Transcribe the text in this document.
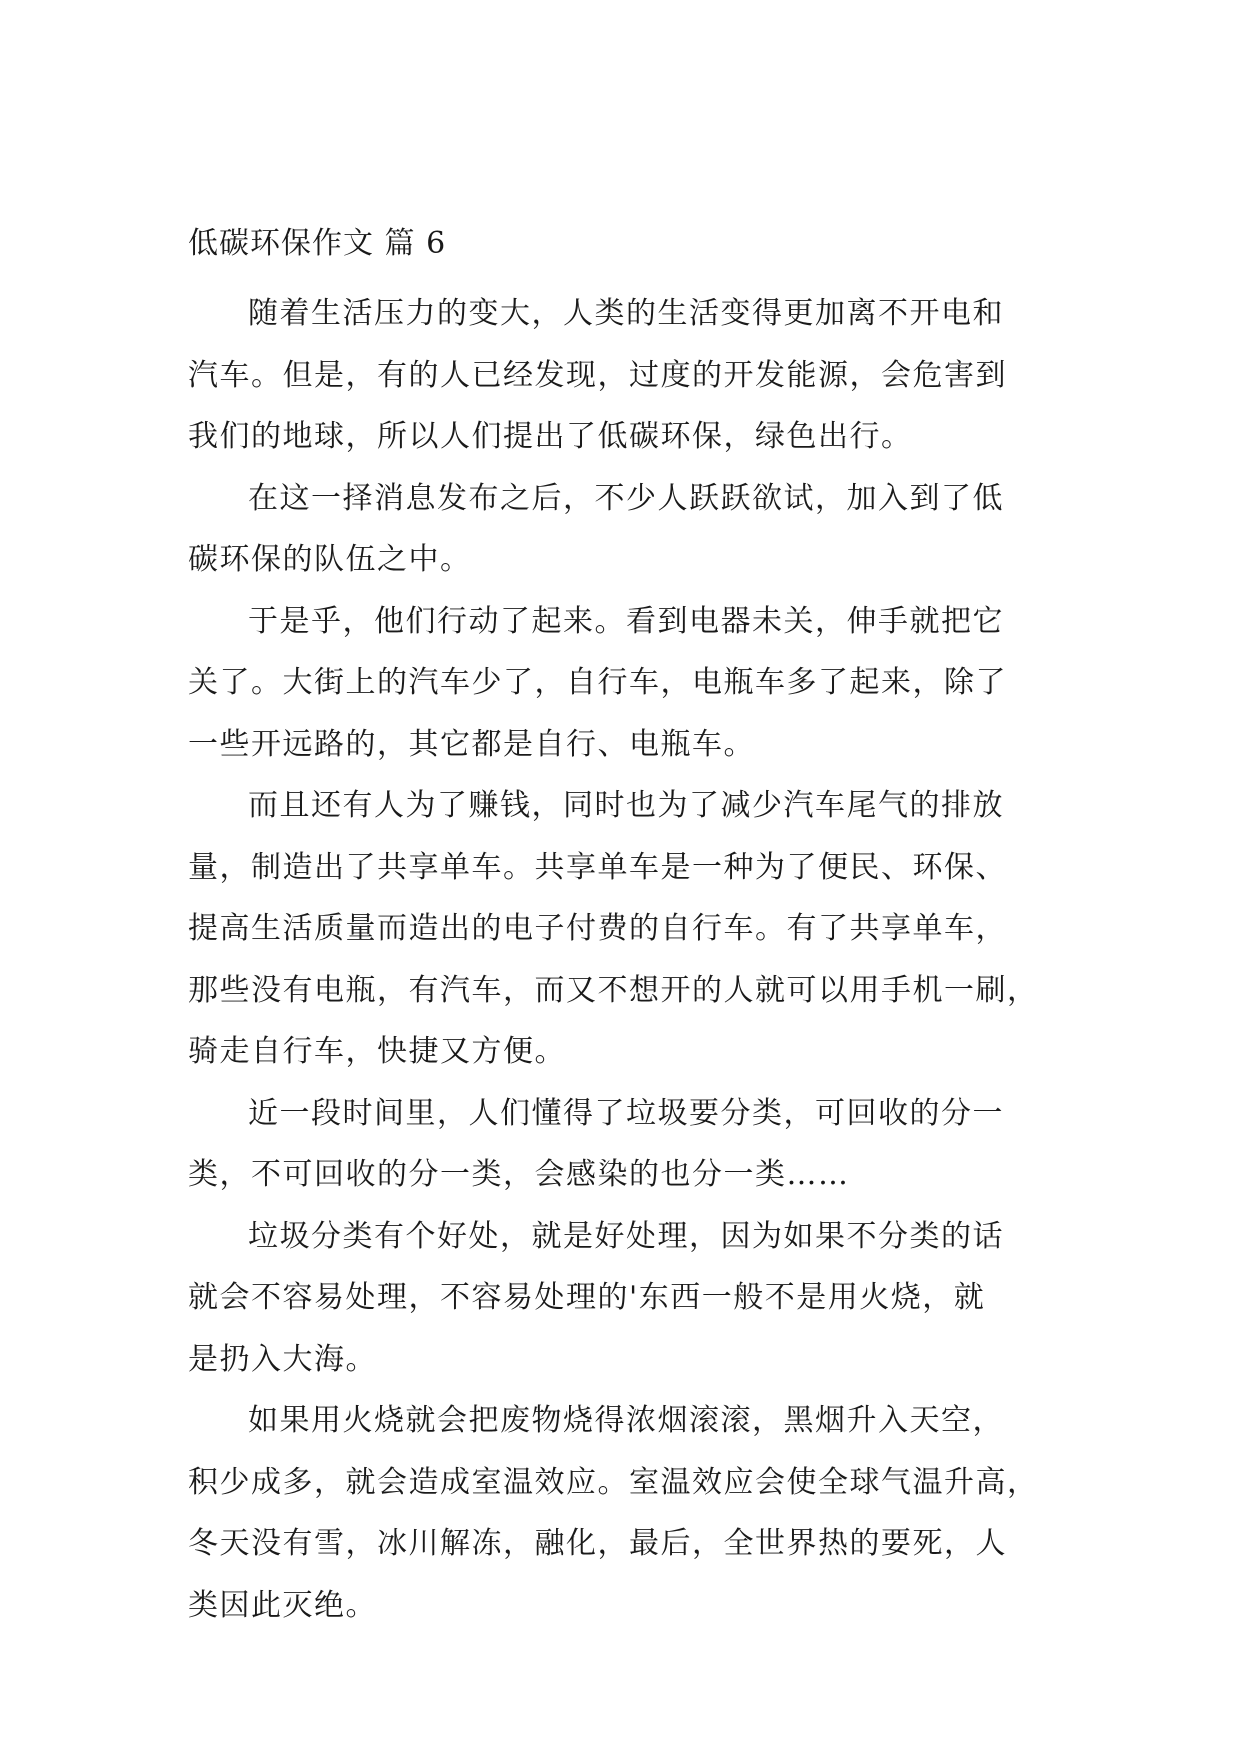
低碳环保作文 篇 6

随着生活压力的变大，人类的生活变得更加离不开电和
汽车。但是，有的人已经发现，过度的开发能源，会危害到
我们的地球，所以人们提出了低碳环保，绿色出行。

在这一择消息发布之后，不少人跃跃欲试，加入到了低
碳环保的队伍之中。

于是乎，他们行动了起来。看到电器未关，伸手就把它
关了。大街上的汽车少了，自行车，电瓶车多了起来，除了
一些开远路的，其它都是自行、电瓶车。

而且还有人为了赚钱，同时也为了减少汽车尾气的排放
量，制造出了共享单车。共享单车是一种为了便民、环保、
提高生活质量而造出的电子付费的自行车。有了共享单车，
那些没有电瓶，有汽车，而又不想开的人就可以用手机一刷，
骑走自行车，快捷又方便。

近一段时间里，人们懂得了垃圾要分类，可回收的分一
类，不可回收的分一类，会感染的也分一类……

垃圾分类有个好处，就是好处理，因为如果不分类的话
就会不容易处理，不容易处理的'东西一般不是用火烧，就
是扔入大海。

如果用火烧就会把废物烧得浓烟滚滚，黑烟升入天空，
积少成多，就会造成室温效应。室温效应会使全球气温升高，
冬天没有雪，冰川解冻，融化，最后，全世界热的要死，人
类因此灭绝。
